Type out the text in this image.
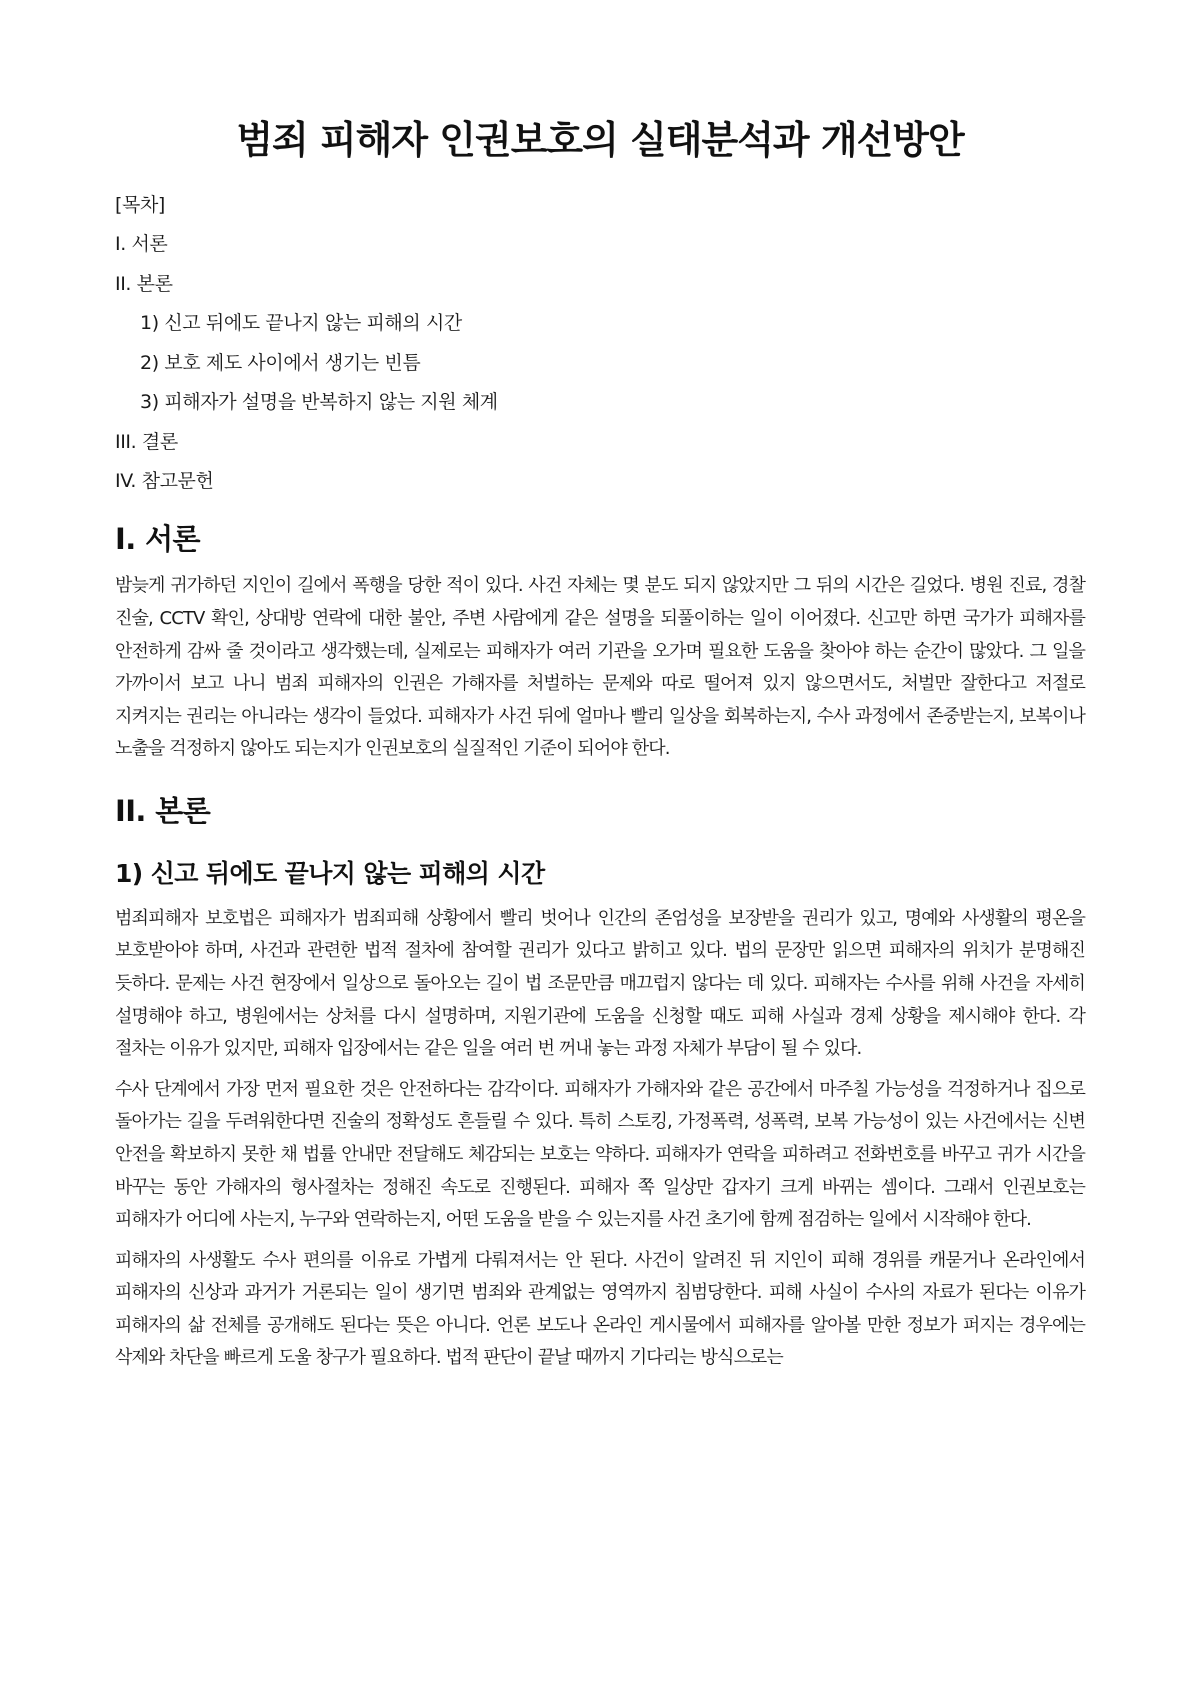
범죄 피해자 인권보호의 실태분석과 개선방안
[목차]
I. 서론
II. 본론
1) 신고 뒤에도 끝나지 않는 피해의 시간
2) 보호 제도 사이에서 생기는 빈틈
3) 피해자가 설명을 반복하지 않는 지원 체계
III. 결론
IV. 참고문헌
I. 서론

밤늦게 귀가하던 지인이 길에서 폭행을 당한 적이 있다. 사건 자체는 몇 분도 되지 않았지만 그 뒤의 시간은 길었다. 병원 진료, 경찰 진술, CCTV 확인, 상대방 연락에 대한 불안, 주변 사람에게 같은 설명을 되풀이하는 일이 이어졌다. 신고만 하면 국가가 피해자를 안전하게 감싸 줄 것이라고 생각했는데, 실제로는 피해자가 여러 기관을 오가며 필요한 도움을 찾아야 하는 순간이 많았다. 그 일을 가까이서 보고 나니 범죄 피해자의 인권은 가해자를 처벌하는 문제와 따로 떨어져 있지 않으면서도, 처벌만 잘한다고 저절로 지켜지는 권리는 아니라는 생각이 들었다. 피해자가 사건 뒤에 얼마나 빨리 일상을 회복하는지, 수사 과정에서 존중받는지, 보복이나 노출을 걱정하지 않아도 되는지가 인권보호의 실질적인 기준이 되어야 한다.

II. 본론
1) 신고 뒤에도 끝나지 않는 피해의 시간

범죄피해자 보호법은 피해자가 범죄피해 상황에서 빨리 벗어나 인간의 존엄성을 보장받을 권리가 있고, 명예와 사생활의 평온을 보호받아야 하며, 사건과 관련한 법적 절차에 참여할 권리가 있다고 밝히고 있다. 법의 문장만 읽으면 피해자의 위치가 분명해진 듯하다. 문제는 사건 현장에서 일상으로 돌아오는 길이 법 조문만큼 매끄럽지 않다는 데 있다. 피해자는 수사를 위해 사건을 자세히 설명해야 하고, 병원에서는 상처를 다시 설명하며, 지원기관에 도움을 신청할 때도 피해 사실과 경제 상황을 제시해야 한다. 각 절차는 이유가 있지만, 피해자 입장에서는 같은 일을 여러 번 꺼내 놓는 과정 자체가 부담이 될 수 있다.

수사 단계에서 가장 먼저 필요한 것은 안전하다는 감각이다. 피해자가 가해자와 같은 공간에서 마주칠 가능성을 걱정하거나 집으로 돌아가는 길을 두려워한다면 진술의 정확성도 흔들릴 수 있다. 특히 스토킹, 가정폭력, 성폭력, 보복 가능성이 있는 사건에서는 신변 안전을 확보하지 못한 채 법률 안내만 전달해도 체감되는 보호는 약하다. 피해자가 연락을 피하려고 전화번호를 바꾸고 귀가 시간을 바꾸는 동안 가해자의 형사절차는 정해진 속도로 진행된다. 피해자 쪽 일상만 갑자기 크게 바뀌는 셈이다. 그래서 인권보호는 피해자가 어디에 사는지, 누구와 연락하는지, 어떤 도움을 받을 수 있는지를 사건 초기에 함께 점검하는 일에서 시작해야 한다.

피해자의 사생활도 수사 편의를 이유로 가볍게 다뤄져서는 안 된다. 사건이 알려진 뒤 지인이 피해 경위를 캐묻거나 온라인에서 피해자의 신상과 과거가 거론되는 일이 생기면 범죄와 관계없는 영역까지 침범당한다. 피해 사실이 수사의 자료가 된다는 이유가 피해자의 삶 전체를 공개해도 된다는 뜻은 아니다. 언론 보도나 온라인 게시물에서 피해자를 알아볼 만한 정보가 퍼지는 경우에는 삭제와 차단을 빠르게 도울 창구가 필요하다. 법적 판단이 끝날 때까지 기다리는 방식으로는
